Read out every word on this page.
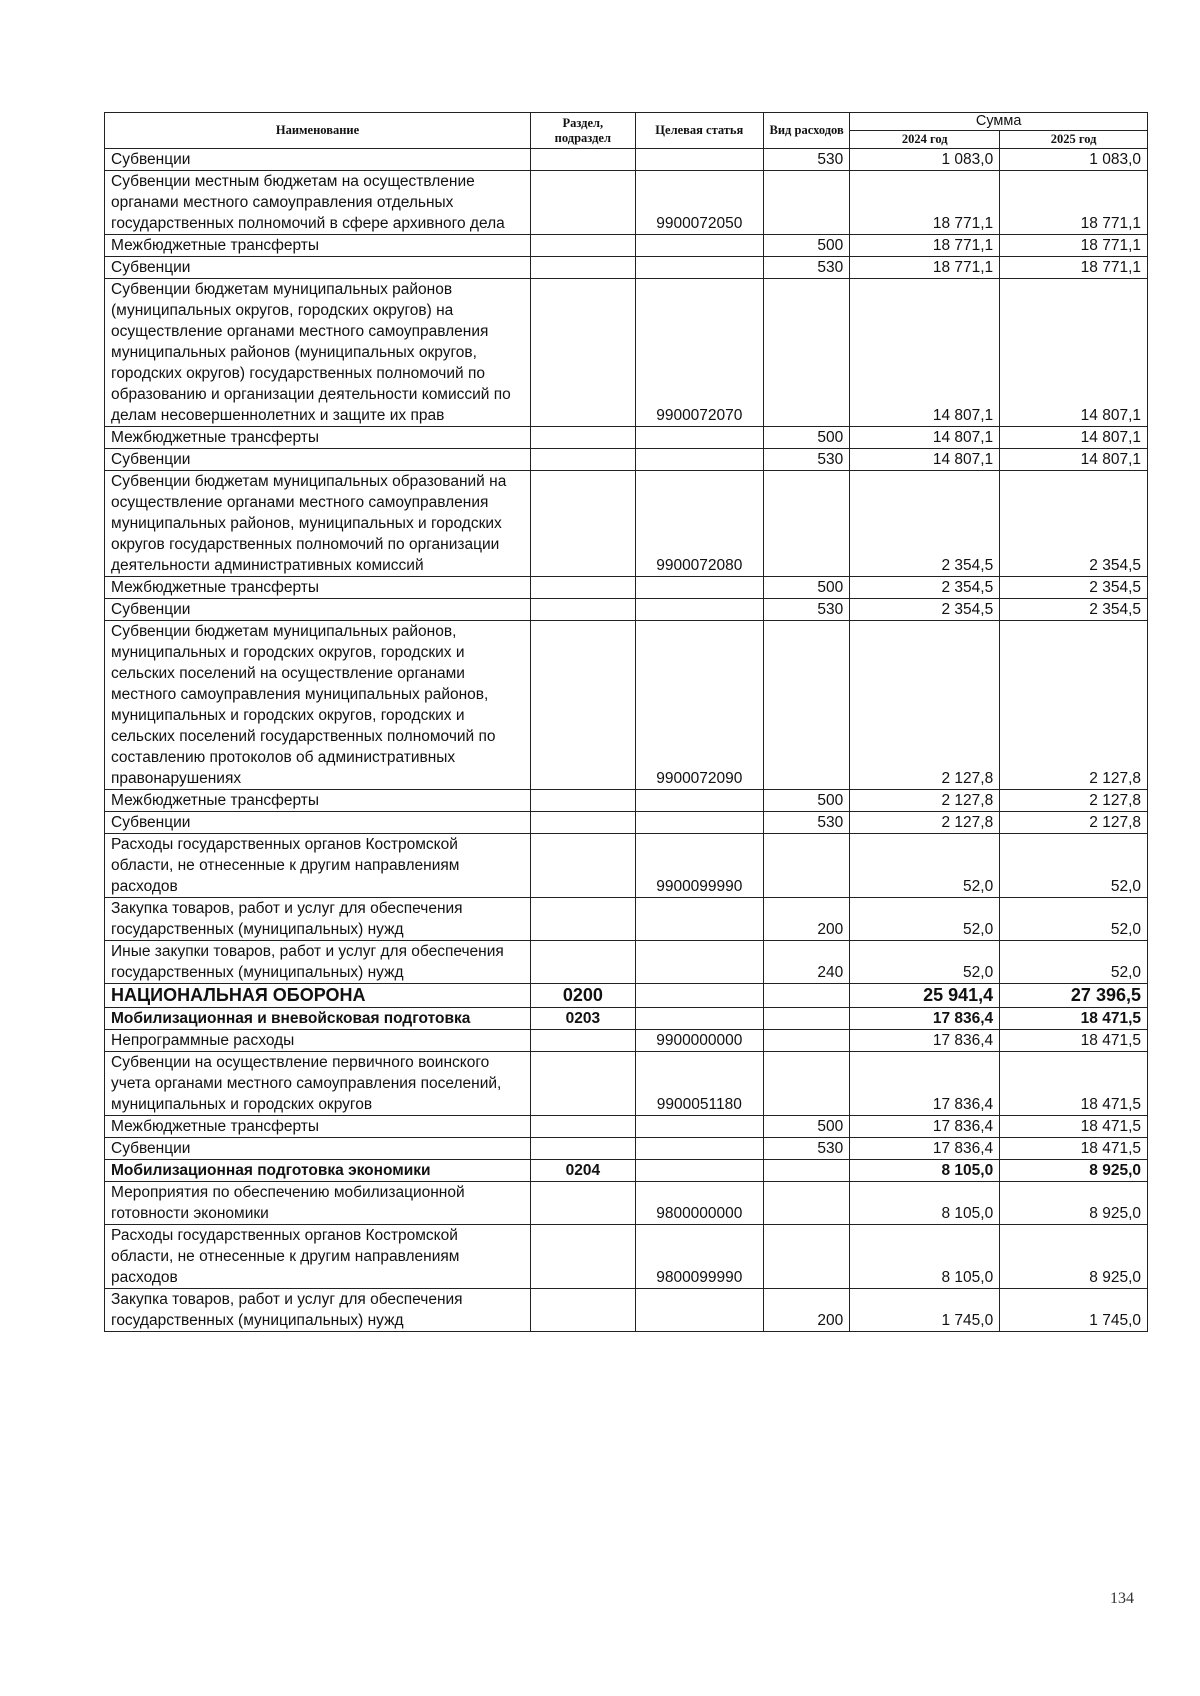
Наименование	Раздел, подраздел	Целевая статья	Вид расходов	Сумма	
				2024 год	2025 год
Субвенции			530	1 083,0	1 083,0
Субвенции местным бюджетам на осуществление органами местного самоуправления отдельных государственных полномочий в сфере архивного дела		9900072050		18 771,1	18 771,1
Межбюджетные трансферты			500	18 771,1	18 771,1
Субвенции			530	18 771,1	18 771,1
Субвенции бюджетам муниципальных районов (муниципальных округов, городских округов) на осуществление органами местного самоуправления муниципальных районов (муниципальных округов, городских округов) государственных полномочий по образованию и организации деятельности комиссий по делам несовершеннолетних и защите их прав		9900072070		14 807,1	14 807,1
Межбюджетные трансферты			500	14 807,1	14 807,1
Субвенции			530	14 807,1	14 807,1
Субвенции бюджетам муниципальных образований на осуществление органами местного самоуправления муниципальных районов, муниципальных и городских округов государственных полномочий по организации деятельности административных комиссий		9900072080		2 354,5	2 354,5
Межбюджетные трансферты			500	2 354,5	2 354,5
Субвенции			530	2 354,5	2 354,5
Субвенции бюджетам муниципальных районов, муниципальных и городских округов, городских и сельских поселений на осуществление органами местного самоуправления муниципальных районов, муниципальных и городских округов, городских и сельских поселений государственных полномочий по составлению протоколов об административных правонарушениях		9900072090		2 127,8	2 127,8
Межбюджетные трансферты			500	2 127,8	2 127,8
Субвенции			530	2 127,8	2 127,8
Расходы государственных органов Костромской области, не отнесенные к другим направлениям расходов		9900099990		52,0	52,0
Закупка товаров, работ и услуг для обеспечения государственных (муниципальных) нужд			200	52,0	52,0
Иные закупки товаров, работ и услуг для обеспечения государственных (муниципальных) нужд			240	52,0	52,0
НАЦИОНАЛЬНАЯ ОБОРОНА	0200			25 941,4	27 396,5
Мобилизационная и вневойсковая подготовка	0203			17 836,4	18 471,5
Непрограммные расходы		9900000000		17 836,4	18 471,5
Субвенции на осуществление первичного воинского учета органами местного самоуправления поселений, муниципальных и городских округов		9900051180		17 836,4	18 471,5
Межбюджетные трансферты			500	17 836,4	18 471,5
Субвенции			530	17 836,4	18 471,5
Мобилизационная подготовка экономики	0204			8 105,0	8 925,0
Мероприятия по обеспечению мобилизационной готовности экономики		9800000000		8 105,0	8 925,0
Расходы государственных органов Костромской области, не отнесенные к другим направлениям расходов		9800099990		8 105,0	8 925,0
Закупка товаров, работ и услуг для обеспечения государственных (муниципальных) нужд			200	1 745,0	1 745,0
134
